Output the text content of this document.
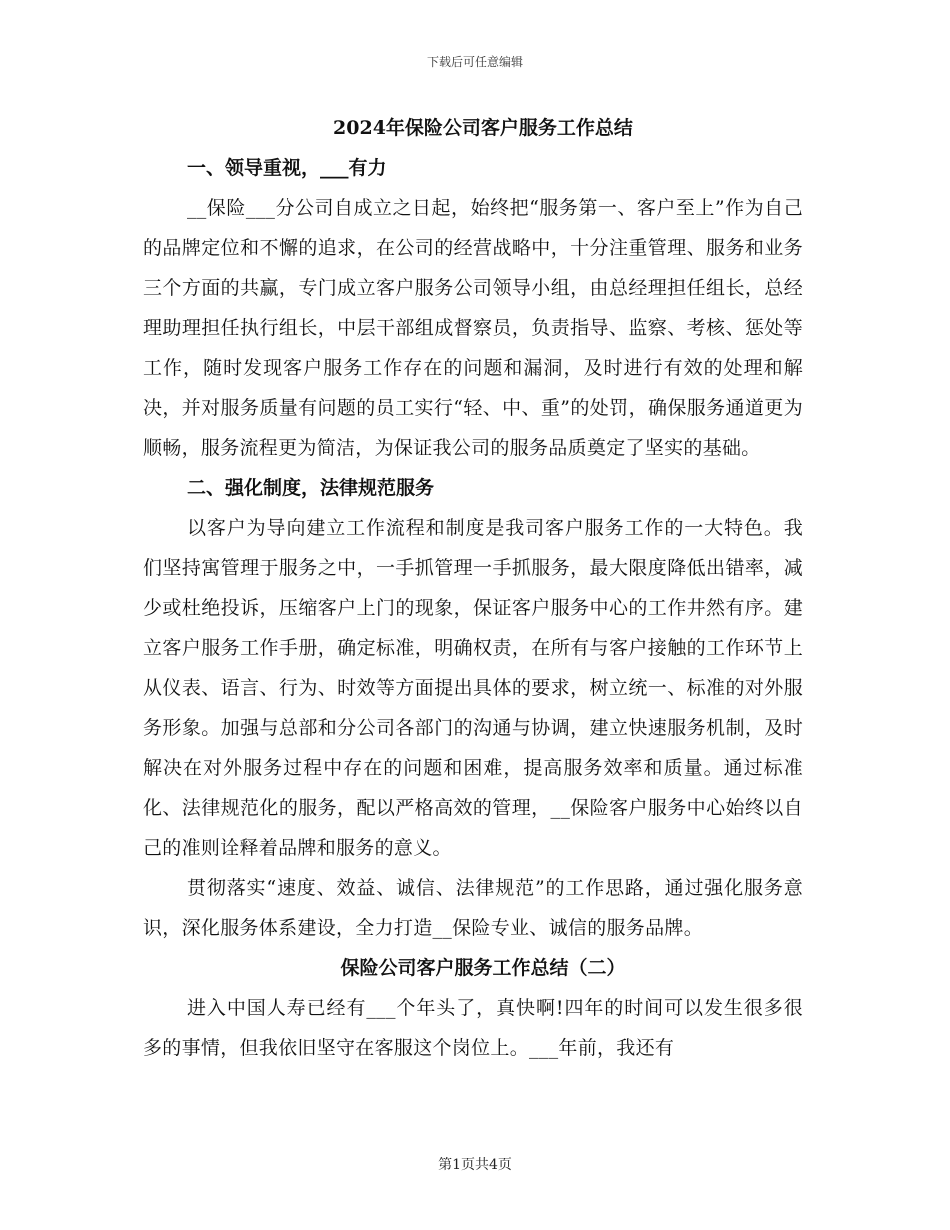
下载后可任意编辑
2024年保险公司客户服务工作总结
一、领导重视，___有力

__保险___分公司自成立之日起，始终把“服务第一、客户至上”作为自己的品牌定位和不懈的追求，在公司的经营战略中，十分注重管理、服务和业务三个方面的共赢，专门成立客户服务公司领导小组，由总经理担任组长，总经理助理担任执行组长，中层干部组成督察员，负责指导、监察、考核、惩处等工作，随时发现客户服务工作存在的问题和漏洞，及时进行有效的处理和解决，并对服务质量有问题的员工实行“轻、中、重”的处罚，确保服务通道更为顺畅，服务流程更为简洁，为保证我公司的服务品质奠定了坚实的基础。

二、强化制度，法律规范服务

以客户为导向建立工作流程和制度是我司客户服务工作的一大特色。我们坚持寓管理于服务之中，一手抓管理一手抓服务，最大限度降低出错率，减少或杜绝投诉，压缩客户上门的现象，保证客户服务中心的工作井然有序。建立客户服务工作手册，确定标准，明确权责，在所有与客户接触的工作环节上从仪表、语言、行为、时效等方面提出具体的要求，树立统一、标准的对外服务形象。加强与总部和分公司各部门的沟通与协调，建立快速服务机制，及时解决在对外服务过程中存在的问题和困难，提高服务效率和质量。通过标准化、法律规范化的服务，配以严格高效的管理，__保险客户服务中心始终以自己的准则诠释着品牌和服务的意义。

贯彻落实“速度、效益、诚信、法律规范”的工作思路，通过强化服务意识，深化服务体系建设，全力打造__保险专业、诚信的服务品牌。

保险公司客户服务工作总结（二）

进入中国人寿已经有___个年头了，真快啊!四年的时间可以发生很多很多的事情，但我依旧坚守在客服这个岗位上。___年前，我还有

第1页共4页
